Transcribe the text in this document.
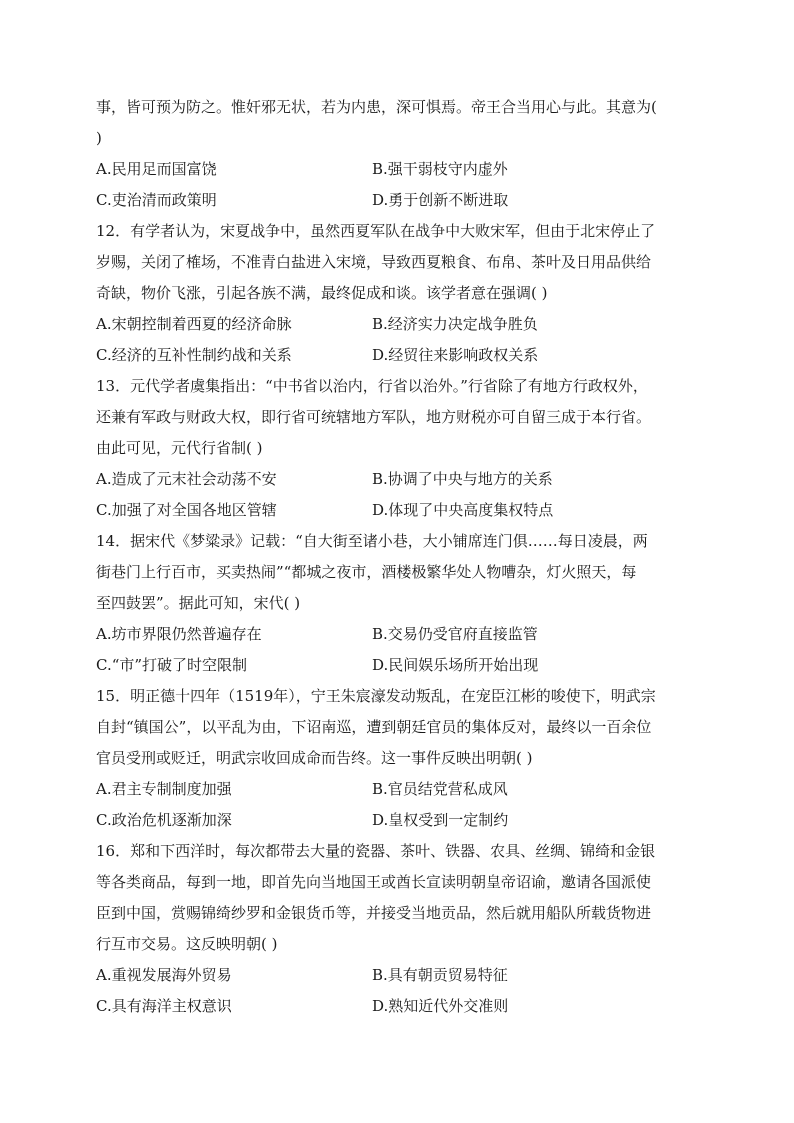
事，皆可预为防之。惟奸邪无状，若为内患，深可惧焉。帝王合当用心与此。其意为(

)

A.民用足而国富饶	B.强干弱枝守内虚外
C.吏治清而政策明	D.勇于创新不断进取

12．有学者认为，宋夏战争中，虽然西夏军队在战争中大败宋军，但由于北宋停止了

岁赐，关闭了榷场，不准青白盐进入宋境，导致西夏粮食、布帛、茶叶及日用品供给

奇缺，物价飞涨，引起各族不满，最终促成和谈。该学者意在强调( )

A.宋朝控制着西夏的经济命脉	B.经济实力决定战争胜负
C.经济的互补性制约战和关系	D.经贸往来影响政权关系

13．元代学者虞集指出：“中书省以治内，行省以治外。”行省除了有地方行政权外，

还兼有军政与财政大权，即行省可统辖地方军队，地方财税亦可自留三成于本行省。

由此可见，元代行省制( )

A.造成了元末社会动荡不安	B.协调了中央与地方的关系
C.加强了对全国各地区管辖	D.体现了中央高度集权特点

14．据宋代《梦粱录》记载：“自大街至诸小巷，大小铺席连门俱……每日凌晨，两

街巷门上行百市，买卖热闹”“都城之夜市，酒楼极繁华处人物嘈杂，灯火照天，每

至四鼓罢”。据此可知，宋代( )

A.坊市界限仍然普遍存在	B.交易仍受官府直接监管
C.“市”打破了时空限制	D.民间娱乐场所开始出现

15．明正德十四年（1519年），宁王朱宸濠发动叛乱，在宠臣江彬的唆使下，明武宗

自封“镇国公”，以平乱为由，下诏南巡，遭到朝廷官员的集体反对，最终以一百余位

官员受刑或贬迁，明武宗收回成命而告终。这一事件反映出明朝( )

A.君主专制制度加强	B.官员结党营私成风
C.政治危机逐渐加深	D.皇权受到一定制约

16．郑和下西洋时，每次都带去大量的瓷器、茶叶、铁器、农具、丝绸、锦绮和金银

等各类商品，每到一地，即首先向当地国王或酋长宣读明朝皇帝诏谕，邀请各国派使

臣到中国，赏赐锦绮纱罗和金银货币等，并接受当地贡品，然后就用船队所载货物进

行互市交易。这反映明朝( )

A.重视发展海外贸易	B.具有朝贡贸易特征
C.具有海洋主权意识	D.熟知近代外交准则
